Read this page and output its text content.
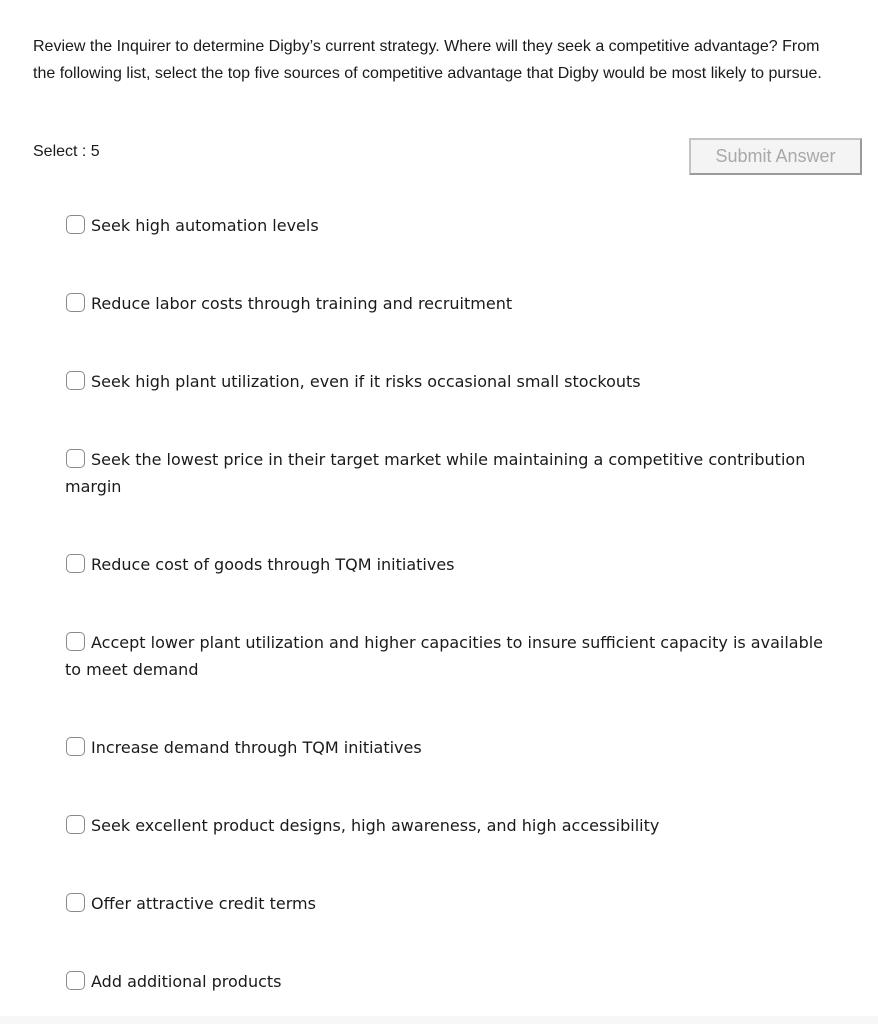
Review the Inquirer to determine Digby’s current strategy. Where will they seek a competitive advantage? From the following list, select the top five sources of competitive advantage that Digby would be most likely to pursue.

Select : 5	Submit Answer
Seek high automation levels
Reduce labor costs through training and recruitment
Seek high plant utilization, even if it risks occasional small stockouts
Seek the lowest price in their target market while maintaining a competitive contribution margin
Reduce cost of goods through TQM initiatives
Accept lower plant utilization and higher capacities to insure sufficient capacity is available to meet demand
Increase demand through TQM initiatives
Seek excellent product designs, high awareness, and high accessibility
Offer attractive credit terms
Add additional products
